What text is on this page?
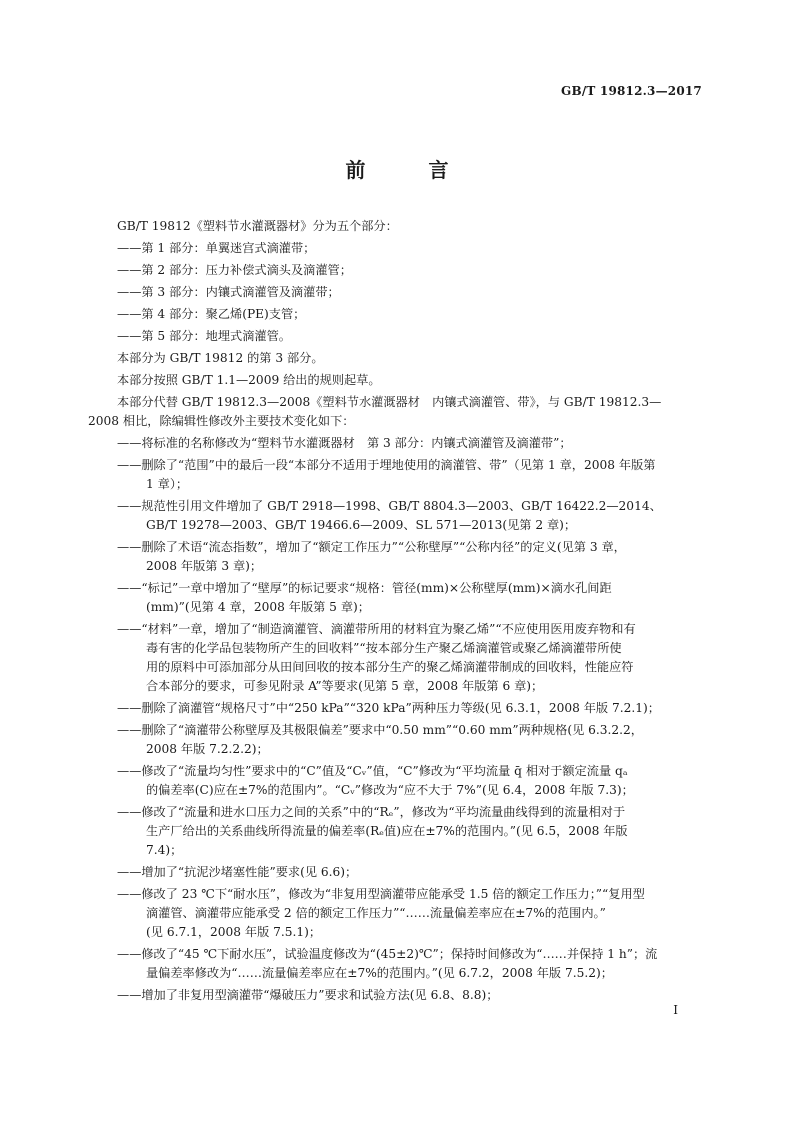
GB/T 19812.3—2017
前 言

GB/T 19812《塑料节水灌溉器材》分为五个部分：

——第 1 部分：单翼迷宫式滴灌带；

——第 2 部分：压力补偿式滴头及滴灌管；

——第 3 部分：内镶式滴灌管及滴灌带；

——第 4 部分：聚乙烯(PE)支管；

——第 5 部分：地埋式滴灌管。

本部分为 GB/T 19812 的第 3 部分。

本部分按照 GB/T 1.1—2009 给出的规则起草。

本部分代替 GB/T 19812.3—2008《塑料节水灌溉器材　内镶式滴灌管、带》，与 GB/T 19812.3—

2008 相比，除编辑性修改外主要技术变化如下：

——将标准的名称修改为“塑料节水灌溉器材　第 3 部分：内镶式滴灌管及滴灌带”；
——删除了“范围”中的最后一段“本部分不适用于埋地使用的滴灌管、带”（见第 1 章，2008 年版第
1 章）；
——规范性引用文件增加了 GB/T 2918—1998、GB/T 8804.3—2003、GB/T 16422.2—2014、
GB/T 19278—2003、GB/T 19466.6—2009、SL 571—2013(见第 2 章)；
——删除了术语“流态指数”，增加了“额定工作压力”“公称壁厚”“公称内径”的定义(见第 3 章，
2008 年版第 3 章)；
——“标记”一章中增加了“壁厚”的标记要求“规格：管径(mm)×公称壁厚(mm)×滴水孔间距
(mm)”(见第 4 章，2008 年版第 5 章)；
——“材料”一章，增加了“制造滴灌管、滴灌带所用的材料宜为聚乙烯”“不应使用医用废弃物和有
毒有害的化学品包装物所产生的回收料”“按本部分生产聚乙烯滴灌管或聚乙烯滴灌带所使
用的原料中可添加部分从田间回收的按本部分生产的聚乙烯滴灌带制成的回收料，性能应符
合本部分的要求，可参见附录 A”等要求(见第 5 章，2008 年版第 6 章)；
——删除了滴灌管“规格尺寸”中“250 kPa”“320 kPa”两种压力等级(见 6.3.1，2008 年版 7.2.1)；
——删除了“滴灌带公称壁厚及其极限偏差”要求中“0.50 mm”“0.60 mm”两种规格(见 6.3.2.2，
2008 年版 7.2.2.2)；
——修改了“流量均匀性”要求中的“C”值及“Cᵥ”值，“C”修改为“平均流量 q̄ 相对于额定流量 qₐ
的偏差率(C)应在±7%的范围内”。“Cᵥ”修改为“应不大于 7%”(见 6.4，2008 年版 7.3)；
——修改了“流量和进水口压力之间的关系”中的“Rₑ”，修改为“平均流量曲线得到的流量相对于
生产厂给出的关系曲线所得流量的偏差率(Rₑ值)应在±7%的范围内。”(见 6.5，2008 年版
7.4)；
——增加了“抗泥沙堵塞性能”要求(见 6.6)；
——修改了 23 ℃下“耐水压”，修改为“非复用型滴灌带应能承受 1.5 倍的额定工作压力；”“复用型
滴灌管、滴灌带应能承受 2 倍的额定工作压力”“……流量偏差率应在±7%的范围内。”
(见 6.7.1，2008 年版 7.5.1)；
——修改了“45 ℃下耐水压”，试验温度修改为“(45±2)℃”；保持时间修改为“……并保持 1 h”；流
量偏差率修改为“……流量偏差率应在±7%的范围内。”(见 6.7.2，2008 年版 7.5.2)；
——增加了非复用型滴灌带“爆破压力”要求和试验方法(见 6.8、8.8)；
I
